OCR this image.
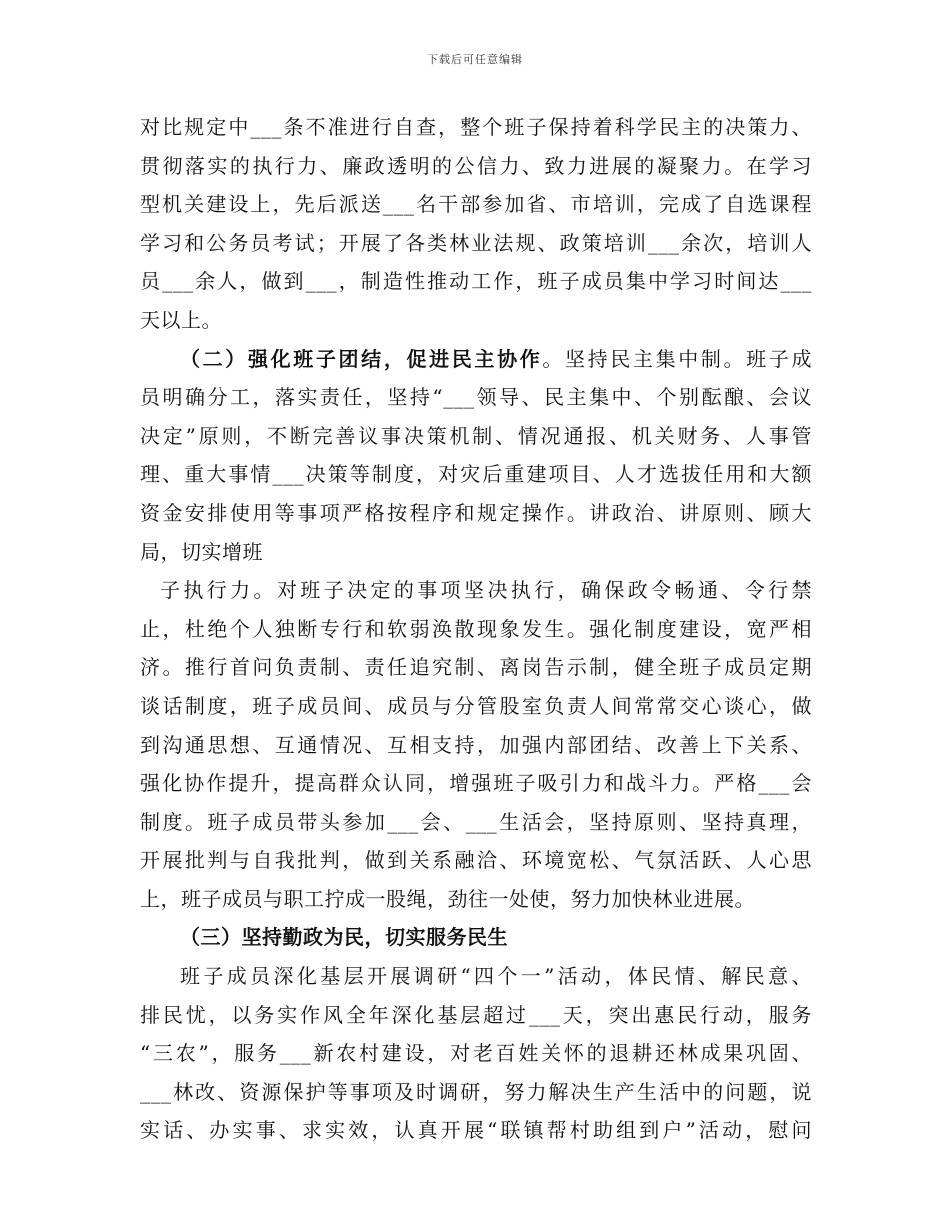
下载后可任意编辑
对比规定中___条不准进行自查，整个班子保持着科学民主的决策力、
贯彻落实的执行力、廉政透明的公信力、致力进展的凝聚力。在学习
型机关建设上，先后派送___名干部参加省、市培训，完成了自选课程
学习和公务员考试；开展了各类林业法规、政策培训___余次，培训人
员___余人，做到___，制造性推动工作，班子成员集中学习时间达___
天以上。
（二）强化班子团结，促进民主协作。坚持民主集中制。班子成
员明确分工，落实责任，坚持“___领导、民主集中、个别酝酿、会议
决定”原则，不断完善议事决策机制、情况通报、机关财务、人事管
理、重大事情___决策等制度，对灾后重建项目、人才选拔任用和大额
资金安排使用等事项严格按程序和规定操作。讲政治、讲原则、顾大
局，切实增班
子执行力。对班子决定的事项坚决执行，确保政令畅通、令行禁
止，杜绝个人独断专行和软弱涣散现象发生。强化制度建设，宽严相
济。推行首问负责制、责任追究制、离岗告示制，健全班子成员定期
谈话制度，班子成员间、成员与分管股室负责人间常常交心谈心，做
到沟通思想、互通情况、互相支持，加强内部团结、改善上下关系、
强化协作提升，提高群众认同，增强班子吸引力和战斗力。严格___会
制度。班子成员带头参加___会、___生活会，坚持原则、坚持真理，
开展批判与自我批判，做到关系融洽、环境宽松、气氛活跃、人心思
上，班子成员与职工拧成一股绳，劲往一处使，努力加快林业进展。
（三）坚持勤政为民，切实服务民生
班子成员深化基层开展调研“四个一”活动，体民情、解民意、
排民忧，以务实作风全年深化基层超过___天，突出惠民行动，服务
“三农”，服务___新农村建设，对老百姓关怀的退耕还林成果巩固、
___林改、资源保护等事项及时调研，努力解决生产生活中的问题，说
实话、办实事、求实效，认真开展“联镇帮村助组到户”活动，慰问
